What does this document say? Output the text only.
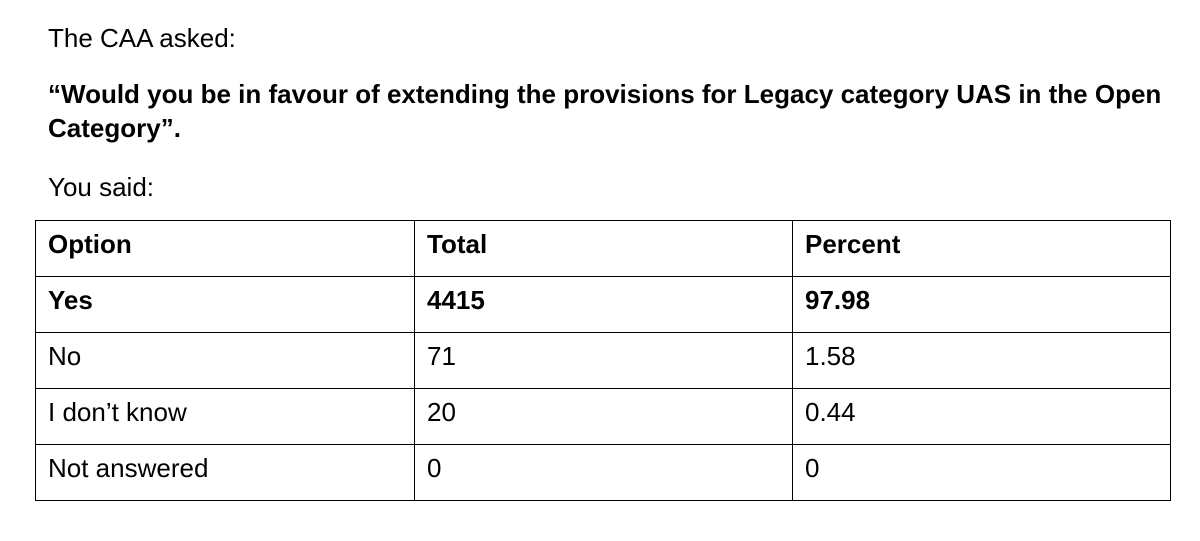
The CAA asked:

“Would you be in favour of extending the provisions for Legacy category UAS in the Open Category”.

You said:

Option	Total	Percent
Yes	4415	97.98
No	71	1.58
I don’t know	20	0.44
Not answered	0	0
